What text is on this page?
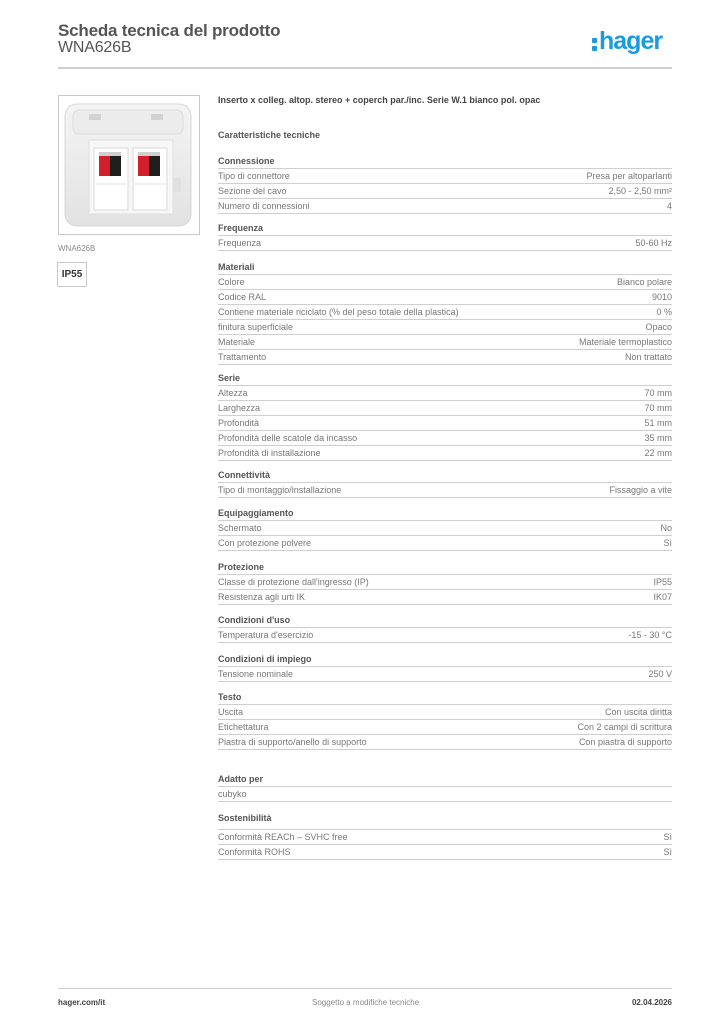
Scheda tecnica del prodotto
WNA626B	hager
WNA626B
IP55
Inserto x colleg. altop. stereo + coperch par./inc. Serie W.1 bianco pol. opac
Caratteristiche tecniche
Connessione
Tipo di connettore	Presa per altoparlanti
Sezione del cavo	2,50 - 2,50 mm²
Numero di connessioni	4
Frequenza
Frequenza	50-60 Hz
Materiali
Colore	Bianco polare
Codice RAL	9010
Contiene materiale riciclato (% del peso totale della plastica)	0 %
finitura superficiale	Opaco
Materiale	Materiale termoplastico
Trattamento	Non trattato
Serie
Altezza	70 mm
Larghezza	70 mm
Profondità	51 mm
Profondità delle scatole da incasso	35 mm
Profondità di installazione	22 mm
Connettività
Tipo di montaggio/installazione	Fissaggio a vite
Equipaggiamento
Schermato	No
Con protezione polvere	Sì
Protezione
Classe di protezione dall'ingresso (IP)	IP55
Resistenza agli urti IK	IK07
Condizioni d'uso
Temperatura d'esercizio	-15 - 30 °C
Condizioni di impiego
Tensione nominale	250 V
Testo
Uscita	Con uscita diritta
Etichettatura	Con 2 campi di scrittura
Piastra di supporto/anello di supporto	Con piastra di supporto
Adatto per
cubyko
Sostenibilità
Conformità REACh – SVHC free	Sì
Conformità ROHS	Sì
hager.com/it	Soggetto a modifiche tecniche	02.04.2026
